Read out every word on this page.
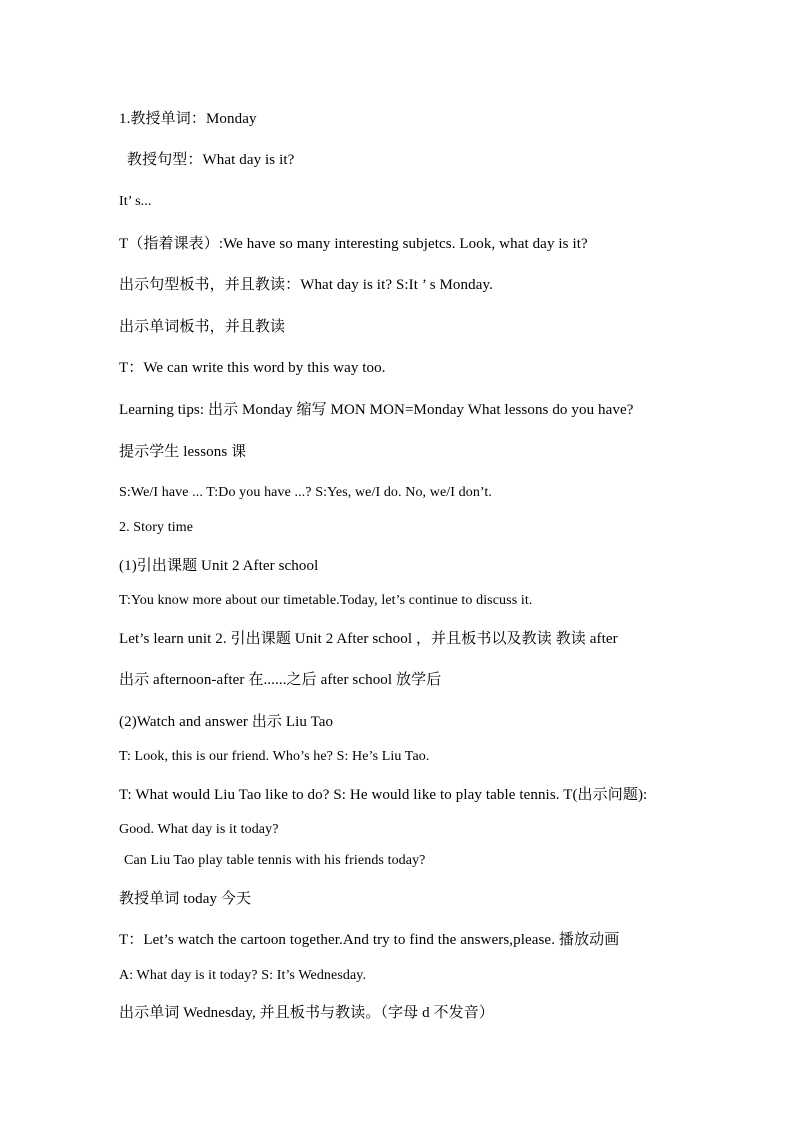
1.教授单词：Monday
教授句型：What day is it?
It’ s...
T（指着课表）:We have so many interesting subjetcs. Look, what day is it?
出示句型板书，并且教读：What day is it? S:It ’ s Monday.
出示单词板书，并且教读
T：We can write this word by this way too.
Learning tips: 出示 Monday 缩写 MON MON=Monday What lessons do you have?
提示学生 lessons 课
S:We/I have ... T:Do you have ...? S:Yes, we/I do. No, we/I don’t.
2. Story time
(1)引出课题 Unit 2 After school
T:You know more about our timetable.Today, let’s continue to discuss it.
Let’s learn unit 2. 引出课题 Unit 2 After school ，并且板书以及教读 教读 after
出示 afternoon-after 在......之后 after school 放学后
(2)Watch and answer 出示 Liu Tao
T: Look, this is our friend. Who’s he? S: He’s Liu Tao.
T: What would Liu Tao like to do? S: He would like to play table tennis. T(出示问题):
Good. What day is it today?
Can Liu Tao play table tennis with his friends today?
教授单词 today 今天
T：Let’s watch the cartoon together.And try to find the answers,please. 播放动画
A: What day is it today? S: It’s Wednesday.
出示单词 Wednesday, 并且板书与教读。（字母 d 不发音）
